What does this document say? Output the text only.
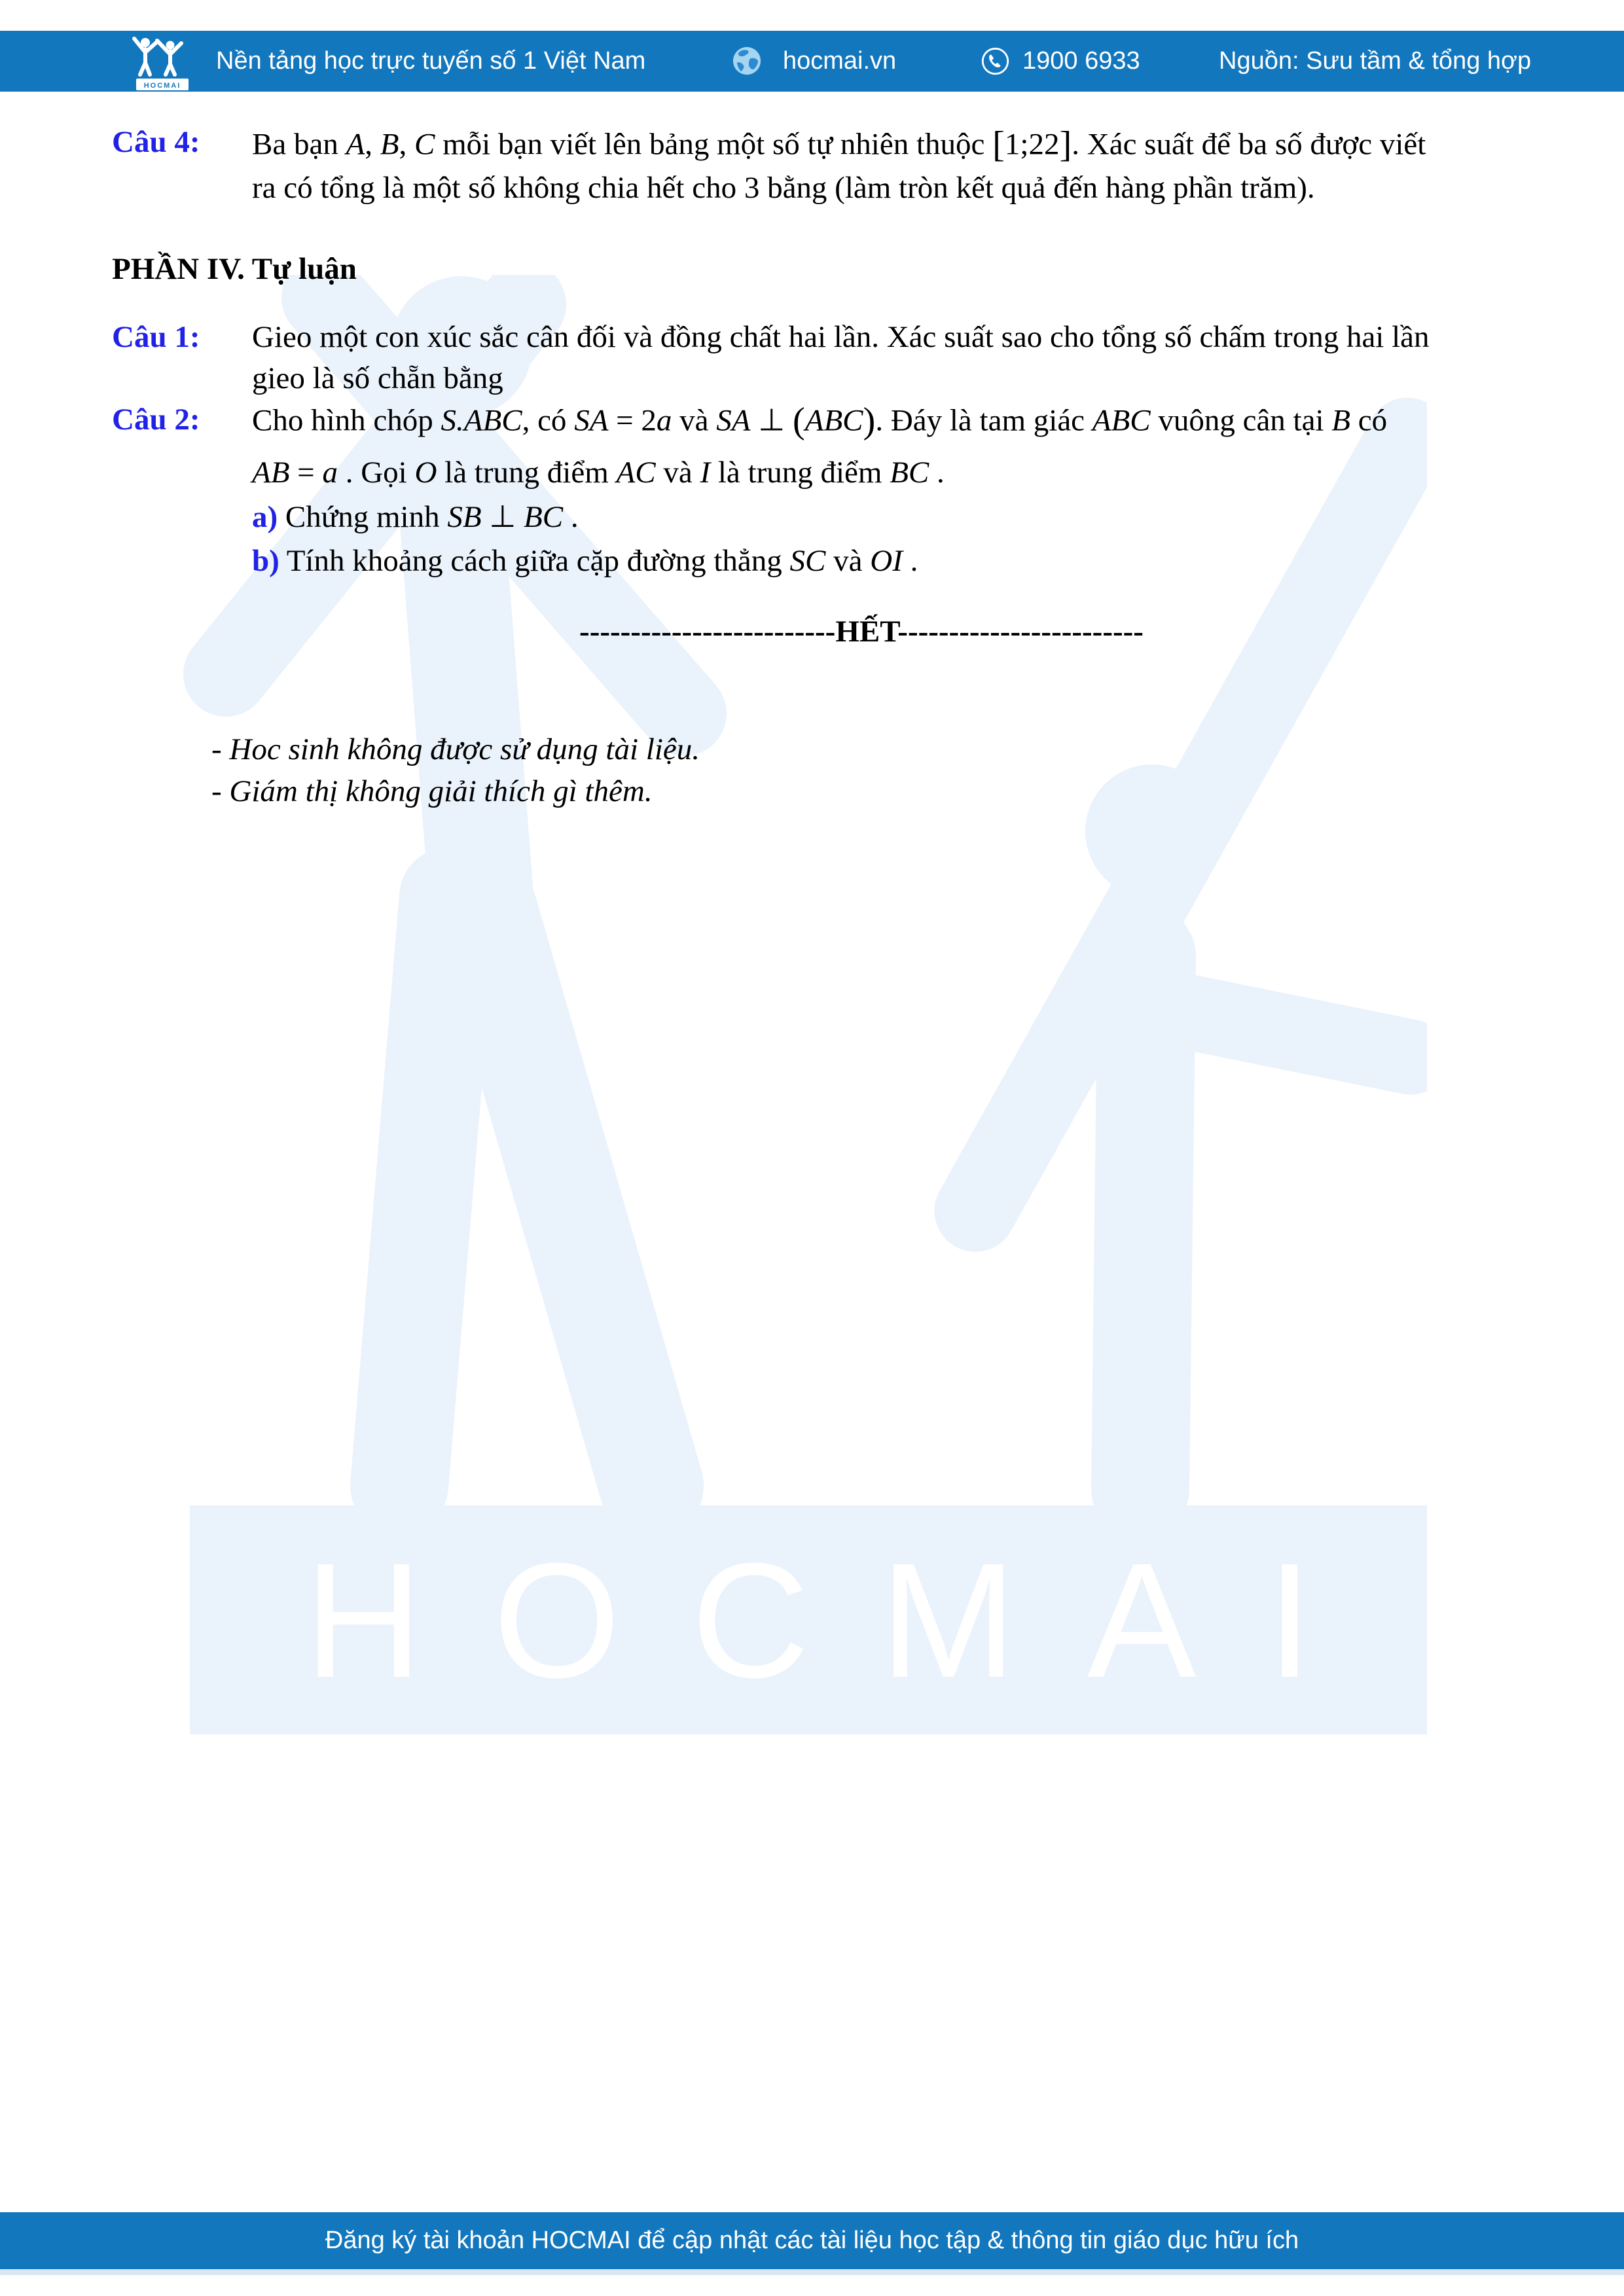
HOCMAI
HOCMAI
Nền tảng học trực tuyến số 1 Việt Nam	hocmai.vn	1900 6933	Nguồn: Sưu tầm & tổng hợp
Câu 4: Ba bạn A, B, C mỗi bạn viết lên bảng một số tự nhiên thuộc [1;22]. Xác suất để ba số được viết
ra có tổng là một số không chia hết cho 3 bằng (làm tròn kết quả đến hàng phần trăm).
PHẦN IV. Tự luận
Câu 1: Gieo một con xúc sắc cân đối và đồng chất hai lần. Xác suất sao cho tổng số chấm trong hai lần
gieo là số chẵn bằng
Câu 2: Cho hình chóp S.ABC, có SA = 2a và SA ⊥ (ABC). Đáy là tam giác ABC vuông cân tại B có
AB = a . Gọi O là trung điểm AC và I là trung điểm BC .
a) Chứng minh SB ⊥ BC .
b) Tính khoảng cách giữa cặp đường thẳng SC và OI .
-------------------------HẾT------------------------
- Hoc sinh không được sử dụng tài liệu.
- Giám thị không giải thích gì thêm.
Đăng ký tài khoản HOCMAI để cập nhật các tài liệu học tập & thông tin giáo dục hữu ích
